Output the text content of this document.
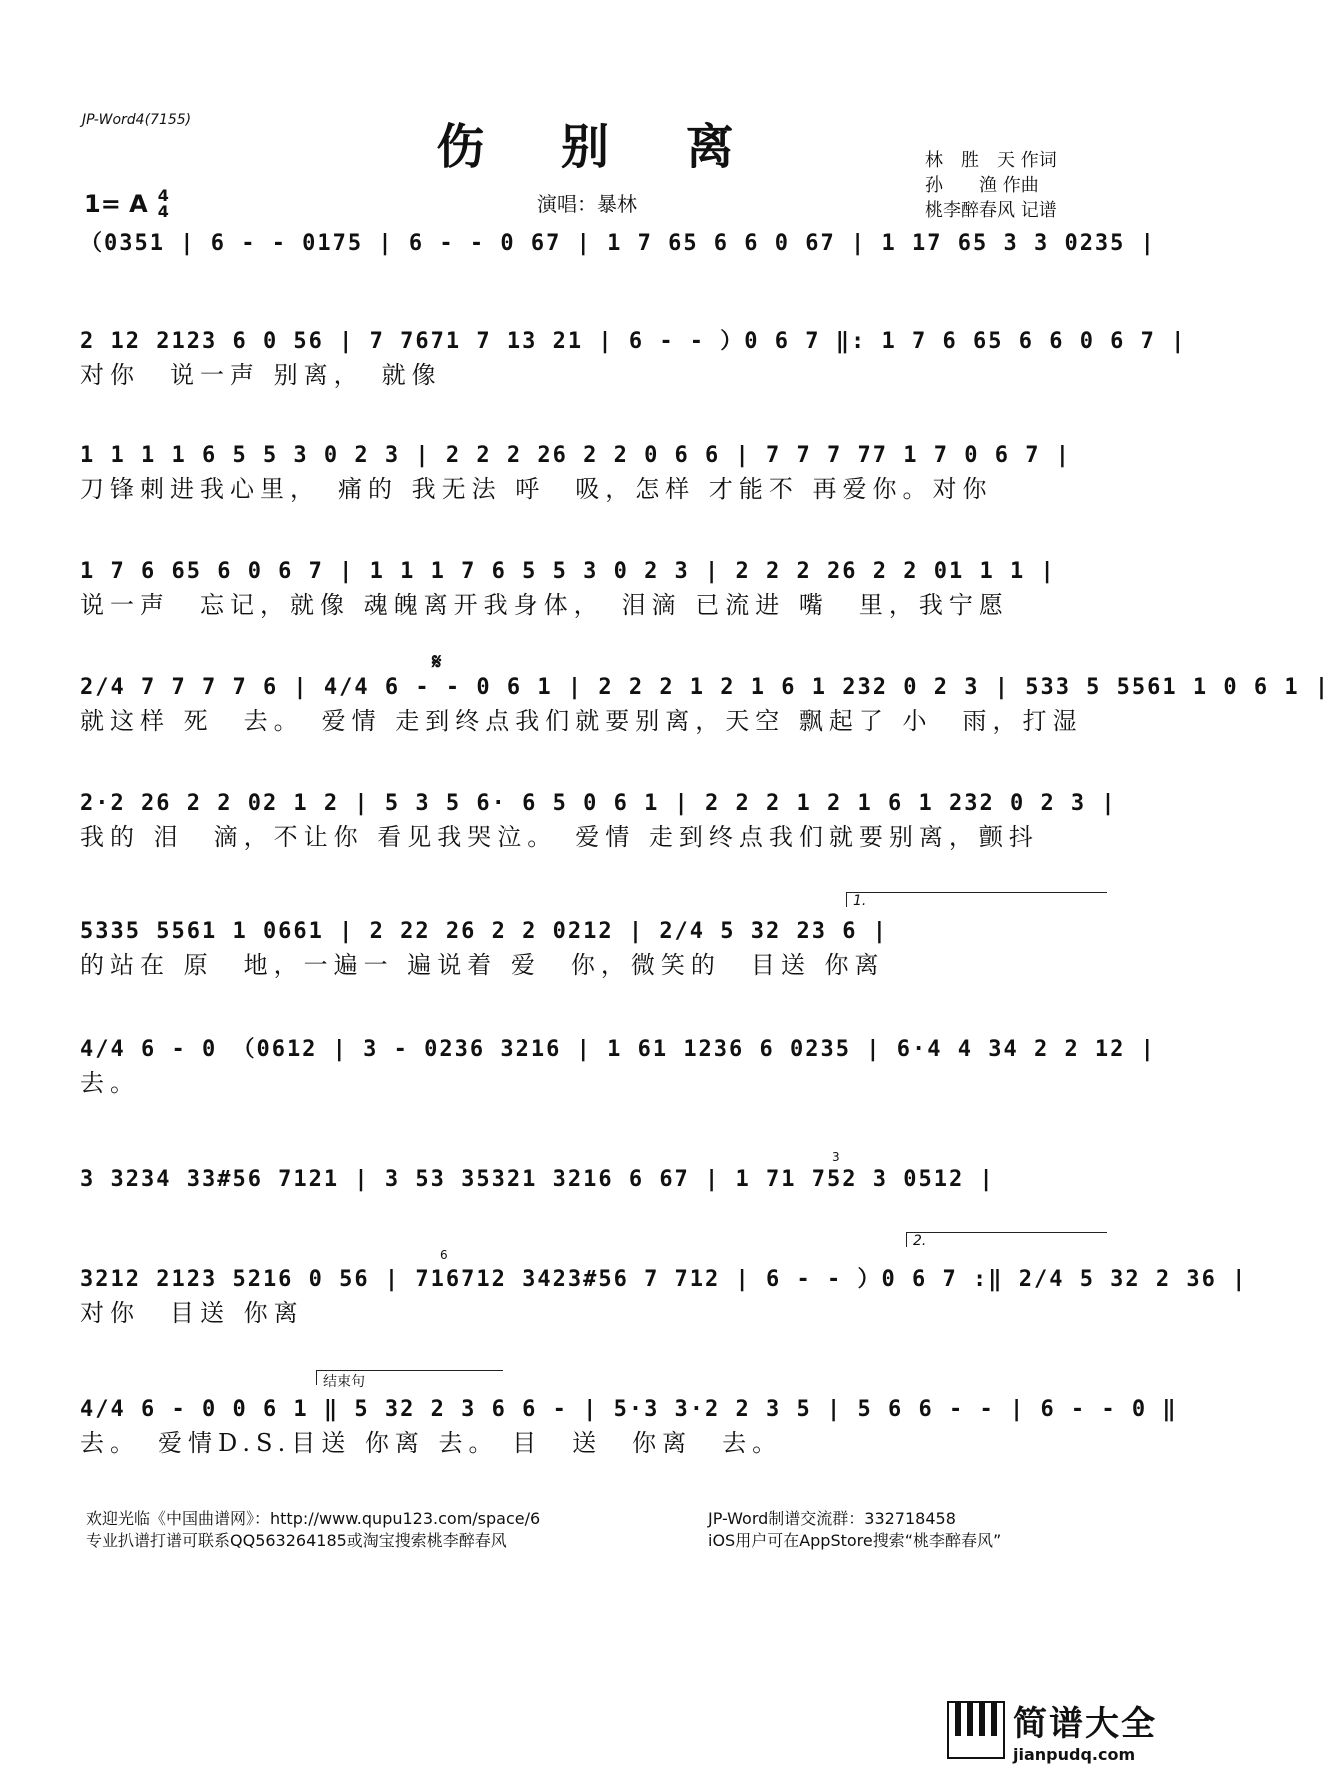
JP-Word4(7155)	伤 别 离
1= A 4
4	演唱：暴林
林　胜　天 作词
孙　　渔 作曲
桃李醉春风 记谱
（0351 | 6 - - 0175 | 6 - - 0 67 | 1 7 65 6 6 0 67 | 1 17 65 3 3 0235 |
2 12 2123 6 0 56 | 7 7671 7 13 21 | 6 - - ）0 6 7 ‖: 1 7 6 65 6 6 0 6 7 |
对你　说一声 别离，　就像
1 1 1 1 6 5 5 3 0 2 3 | 2 2 2 26 2 2 0 6 6 | 7 7 7 77 1 7 0 6 7 |
刀锋刺进我心里，　痛的 我无法 呼　吸，怎样 才能不 再爱你。对你
1 7 6 65 6 0 6 7 | 1 1 1 7 6 5 5 3 0 2 3 | 2 2 2 26 2 2 01 1 1 |
说一声　忘记，就像 魂魄离开我身体，　泪滴 已流进 嘴　里，我宁愿
𝄋
2/4 7 7 7 7 6 | 4/4 6 - - 0 6 1 | 2 2 2 1 2 1 6 1 232 0 2 3 | 533 5 5561 1 0 6 1 |
就这样 死　去。　爱情 走到终点我们就要别离，天空 飘起了 小　雨，打湿
2·2 26 2 2 02 1 2 | 5 3 5 6· 6 5 0 6 1 | 2 2 2 1 2 1 6 1 232 0 2 3 |
我的 泪　滴，不让你 看见我哭泣。　爱情 走到终点我们就要别离，颤抖
1.
5335 5561 1 0661 | 2 22 26 2 2 0212 | 2/4 5 32 23 6 |
的站在 原　地，一遍一 遍说着 爱　你，微笑的　目送 你离
4/4 6 - 0 （0612 | 3 - 0236 3216 | 1 61 1236 6 0235 | 6·4 4 34 2 2 12 |
去。
3
3 3234 33#56 7121 | 3 53 35321 3216 6 67 | 1 71 752 3 0512 |
6
2.
3212 2123 5216 0 56 | 716712 3423#56 7 712 | 6 - - ）0 6 7 :‖ 2/4 5 32 2 36 |
对你　目送 你离
结束句
4/4 6 - 0 0 6 1 ‖ 5 32 2 3 6 6 - | 5·3 3·2 2 3 5 | 5 6 6 - - | 6 - - 0 ‖
去。　爱情D.S.目送 你离 去。 目　送　你离　去。
欢迎光临《中国曲谱网》：http://www.qupu123.com/space/6
专业扒谱打谱可联系QQ563264185或淘宝搜索桃李醉春风
JP-Word制谱交流群：332718458
iOS用户可在AppStore搜索“桃李醉春风”
简谱大全
jianpudq.com
